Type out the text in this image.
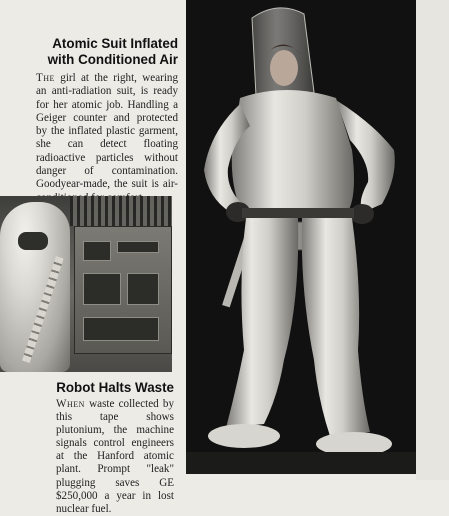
Atomic Suit Inflated with Conditioned Air
The girl at the right, wearing an anti-radiation suit, is ready for her atomic job. Handling a Geiger counter and protected by the inflated plastic garment, she can detect floating radioactive particles without danger of contamination. Goodyear-made, the suit is air-
Robot Halts Waste
When waste collected by this tape shows plutonium, the machine signals control engineers at the Hanford atomic plant. Prompt "leak" plugging saves GE $250,000 a year in lost nuclear fuel.
